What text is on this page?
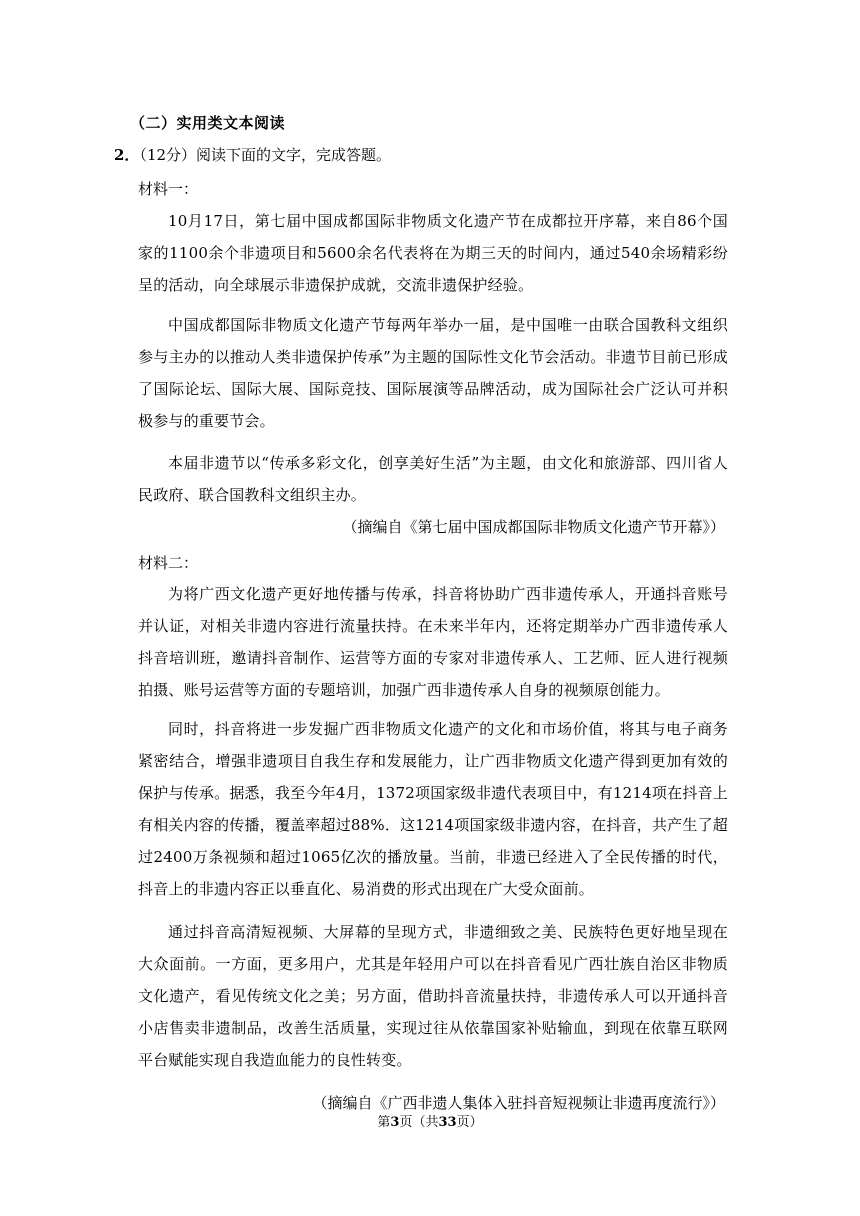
（二）实用类文本阅读
2．（12分）阅读下面的文字，完成答题。
材料一：
10月17日，第七届中国成都国际非物质文化遗产节在成都拉开序幕，来自86个国家的1100余个非遗项目和5600余名代表将在为期三天的时间内，通过540余场精彩纷呈的活动，向全球展示非遗保护成就，交流非遗保护经验。
中国成都国际非物质文化遗产节每两年举办一届，是中国唯一由联合国教科文组织参与主办的以推动人类非遗保护传承”为主题的国际性文化节会活动。非遗节目前已形成了国际论坛、国际大展、国际竞技、国际展演等品牌活动，成为国际社会广泛认可并积极参与的重要节会。
本届非遗节以“传承多彩文化，创享美好生活”为主题，由文化和旅游部、四川省人民政府、联合国教科文组织主办。
（摘编自《第七届中国成都国际非物质文化遗产节开幕》）
材料二：
为将广西文化遗产更好地传播与传承，抖音将协助广西非遗传承人，开通抖音账号并认证，对相关非遗内容进行流量扶持。在未来半年内，还将定期举办广西非遗传承人抖音培训班，邀请抖音制作、运营等方面的专家对非遗传承人、工艺师、匠人进行视频拍摄、账号运营等方面的专题培训，加强广西非遗传承人自身的视频原创能力。
同时，抖音将进一步发掘广西非物质文化遗产的文化和市场价值，将其与电子商务紧密结合，增强非遗项目自我生存和发展能力，让广西非物质文化遗产得到更加有效的保护与传承。据悉，我至今年4月，1372项国家级非遗代表项目中，有1214项在抖音上有相关内容的传播，覆盖率超过88%．这1214项国家级非遗内容，在抖音，共产生了超过2400万条视频和超过1065亿次的播放量。当前，非遗已经进入了全民传播的时代，抖音上的非遗内容正以垂直化、易消费的形式出现在广大受众面前。
通过抖音高清短视频、大屏幕的呈现方式，非遗细致之美、民族特色更好地呈现在大众面前。一方面，更多用户，尤其是年轻用户可以在抖音看见广西壮族自治区非物质文化遗产，看见传统文化之美；另方面，借助抖音流量扶持，非遗传承人可以开通抖音小店售卖非遗制品，改善生活质量，实现过往从依靠国家补贴输血，到现在依靠互联网平台赋能实现自我造血能力的良性转变。
（摘编自《广西非遗人集体入驻抖音短视频让非遗再度流行》）
第3页（共33页）
